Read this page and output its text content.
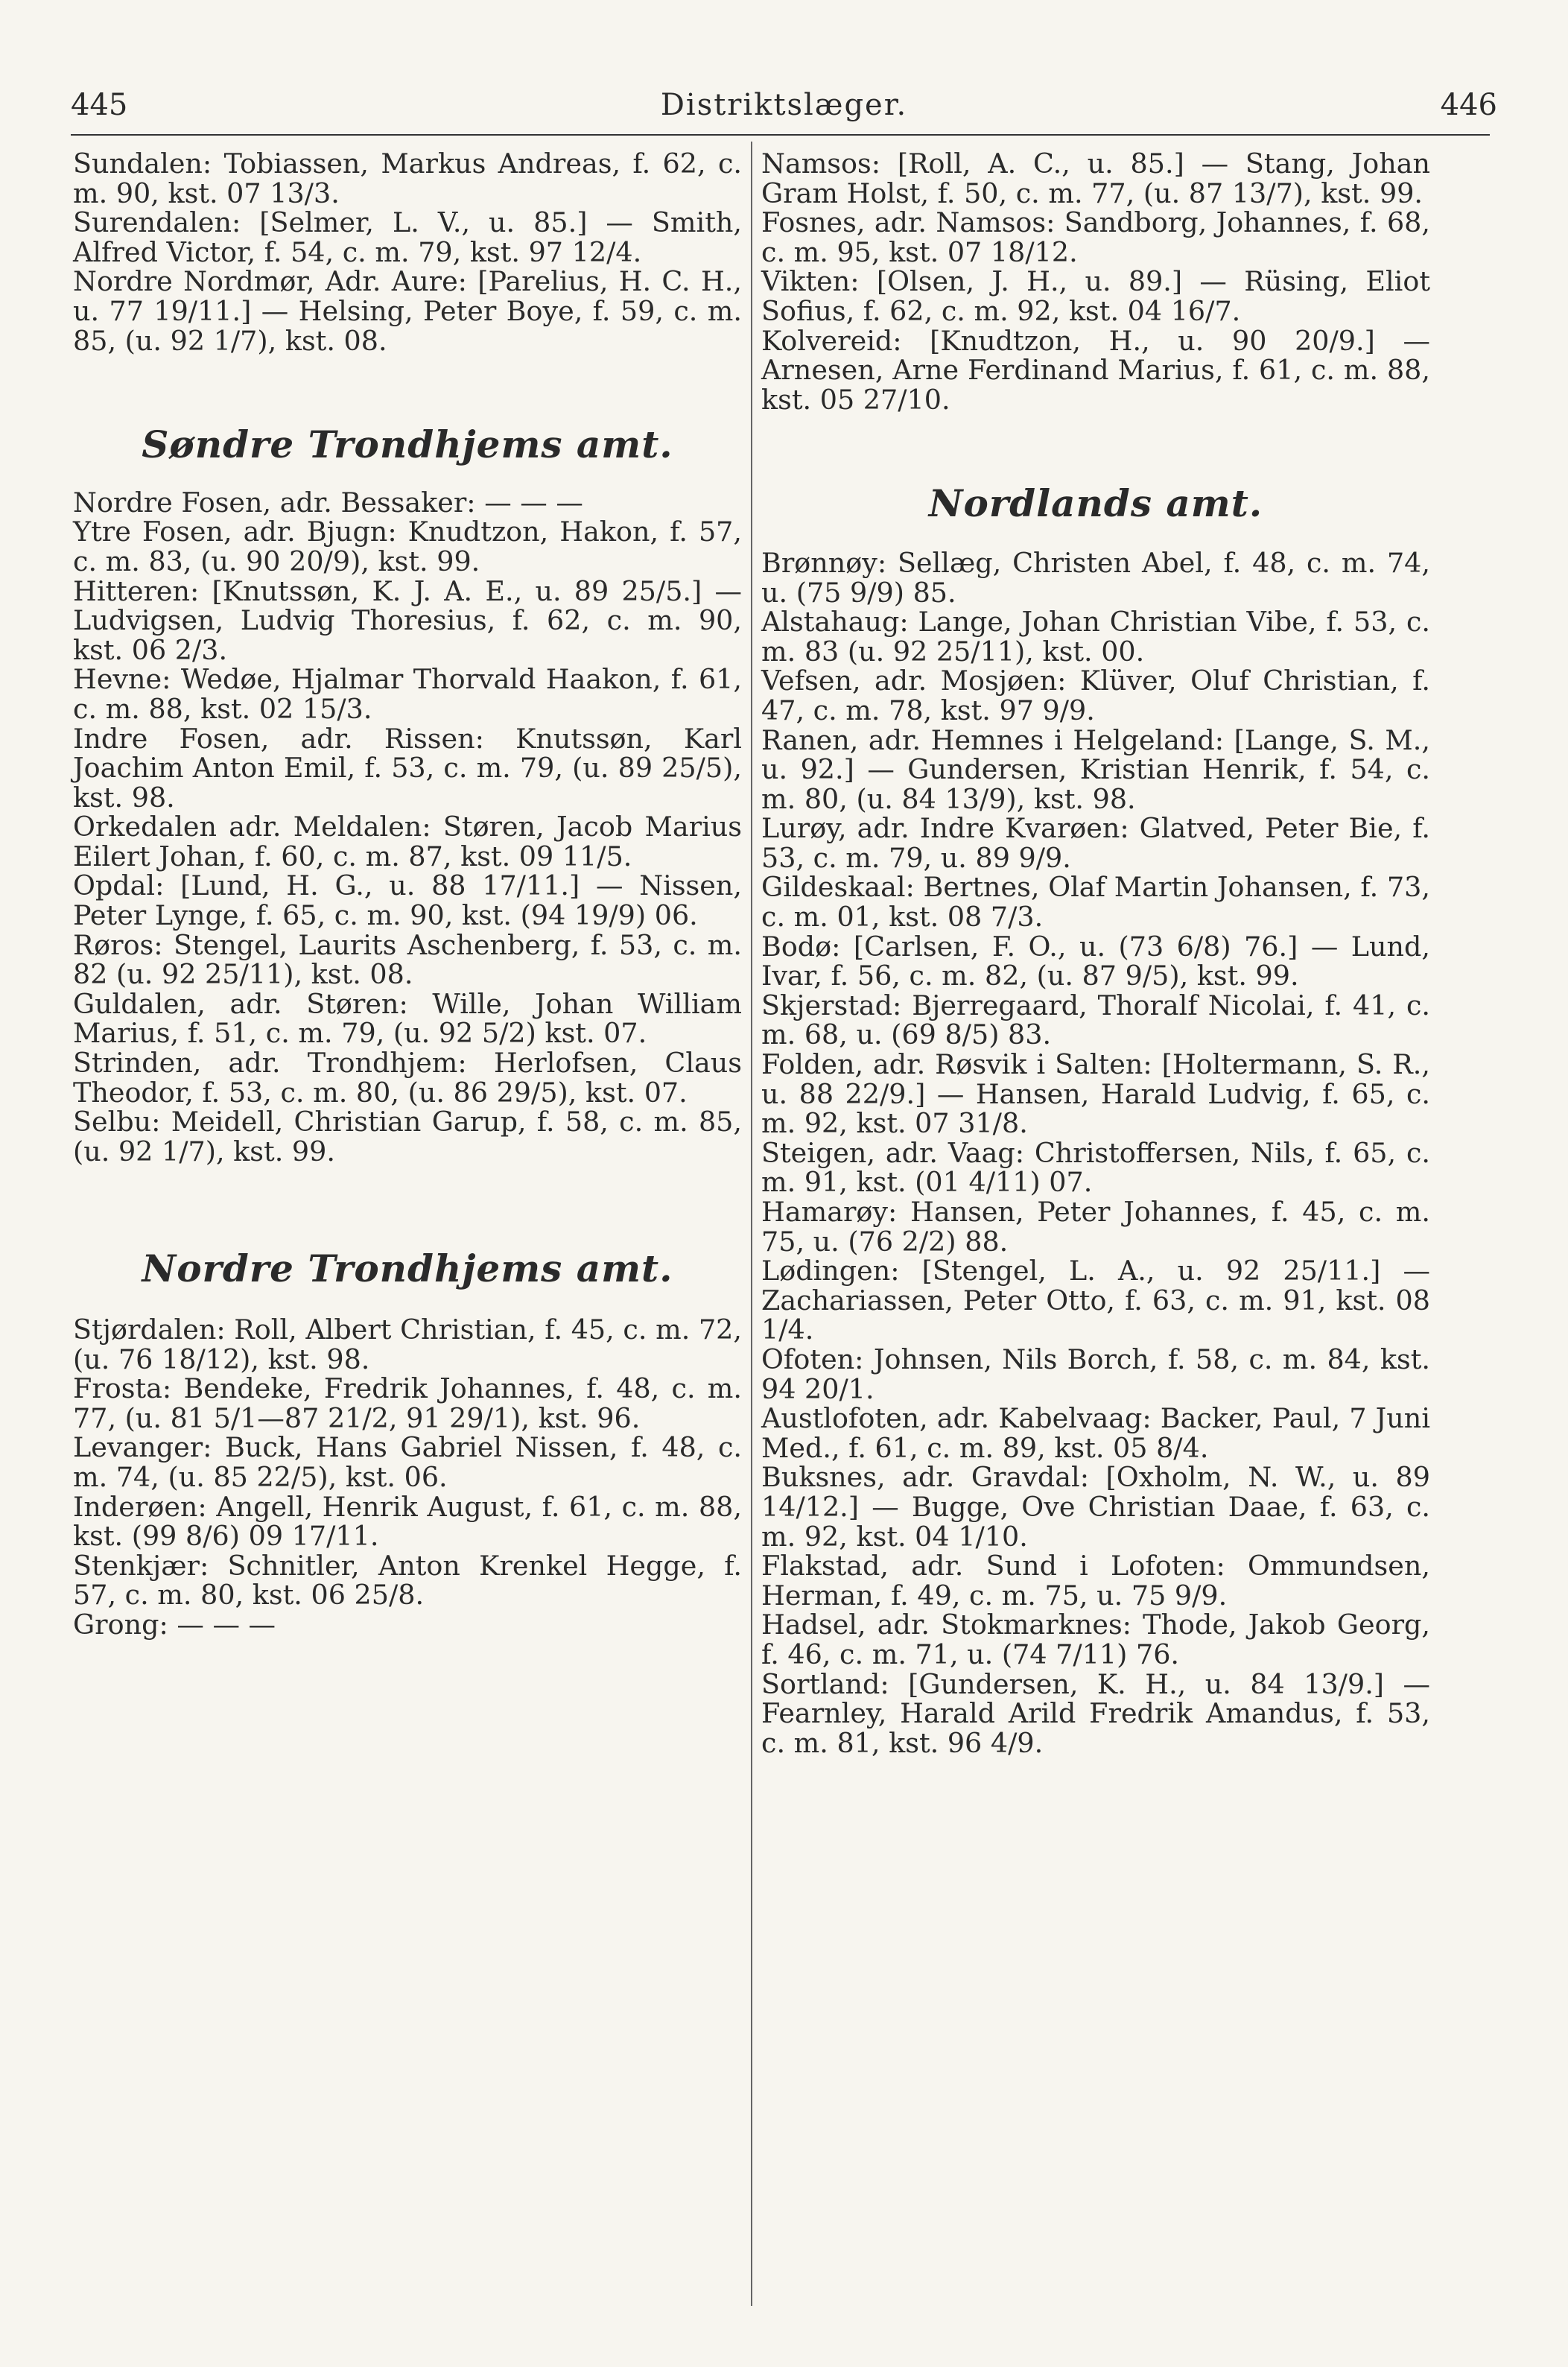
445	Distriktslæger.	446

Sundalen: Tobiassen, Markus Andreas, f. 62, c. m. 90, kst. 07 13/3.

Surendalen: [Selmer, L. V., u. 85.] — Smith, Alfred Victor, f. 54, c. m. 79, kst. 97 12/4.

Nordre Nordmør, Adr. Aure: [Parelius, H. C. H., u. 77 19/11.] — Helsing, Peter Boye, f. 59, c. m. 85, (u. 92 1/7), kst. 08.

Søndre Trondhjems amt.

Nordre Fosen, adr. Bessaker: — — —

Ytre Fosen, adr. Bjugn: Knudtzon, Hakon, f. 57, c. m. 83, (u. 90 20/9), kst. 99.

Hitteren: [Knutssøn, K. J. A. E., u. 89 25/5.] — Ludvigsen, Ludvig Thoresius, f. 62, c. m. 90, kst. 06 2/3.

Hevne: Wedøe, Hjalmar Thorvald Haakon, f. 61, c. m. 88, kst. 02 15/3.

Indre Fosen, adr. Rissen: Knutssøn, Karl Joachim Anton Emil, f. 53, c. m. 79, (u. 89 25/5), kst. 98.

Orkedalen adr. Meldalen: Støren, Jacob Marius Eilert Johan, f. 60, c. m. 87, kst. 09 11/5.

Opdal: [Lund, H. G., u. 88 17/11.] — Nissen, Peter Lynge, f. 65, c. m. 90, kst. (94 19/9) 06.

Røros: Stengel, Laurits Aschenberg, f. 53, c. m. 82 (u. 92 25/11), kst. 08.

Guldalen, adr. Støren: Wille, Johan William Marius, f. 51, c. m. 79, (u. 92 5/2) kst. 07.

Strinden, adr. Trondhjem: Herlofsen, Claus Theodor, f. 53, c. m. 80, (u. 86 29/5), kst. 07.

Selbu: Meidell, Christian Garup, f. 58, c. m. 85, (u. 92 1/7), kst. 99.

Nordre Trondhjems amt.

Stjørdalen: Roll, Albert Christian, f. 45, c. m. 72, (u. 76 18/12), kst. 98.

Frosta: Bendeke, Fredrik Johannes, f. 48, c. m. 77, (u. 81 5/1—87 21/2, 91 29/1), kst. 96.

Levanger: Buck, Hans Gabriel Nissen, f. 48, c. m. 74, (u. 85 22/5), kst. 06.

Inderøen: Angell, Henrik August, f. 61, c. m. 88, kst. (99 8/6) 09 17/11.

Stenkjær: Schnitler, Anton Krenkel Hegge, f. 57, c. m. 80, kst. 06 25/8.

Grong: — — —

Namsos: [Roll, A. C., u. 85.] — Stang, Johan Gram Holst, f. 50, c. m. 77, (u. 87 13/7), kst. 99.

Fosnes, adr. Namsos: Sandborg, Johannes, f. 68, c. m. 95, kst. 07 18/12.

Vikten: [Olsen, J. H., u. 89.] — Rüsing, Eliot Sofius, f. 62, c. m. 92, kst. 04 16/7.

Kolvereid: [Knudtzon, H., u. 90 20/9.] — Arnesen, Arne Ferdinand Marius, f. 61, c. m. 88, kst. 05 27/10.

Nordlands amt.

Brønnøy: Sellæg, Christen Abel, f. 48, c. m. 74, u. (75 9/9) 85.

Alstahaug: Lange, Johan Christian Vibe, f. 53, c. m. 83 (u. 92 25/11), kst. 00.

Vefsen, adr. Mosjøen: Klüver, Oluf Christian, f. 47, c. m. 78, kst. 97 9/9.

Ranen, adr. Hemnes i Helgeland: [Lange, S. M., u. 92.] — Gundersen, Kristian Henrik, f. 54, c. m. 80, (u. 84 13/9), kst. 98.

Lurøy, adr. Indre Kvarøen: Glatved, Peter Bie, f. 53, c. m. 79, u. 89 9/9.

Gildeskaal: Bertnes, Olaf Martin Johansen, f. 73, c. m. 01, kst. 08 7/3.

Bodø: [Carlsen, F. O., u. (73 6/8) 76.] — Lund, Ivar, f. 56, c. m. 82, (u. 87 9/5), kst. 99.

Skjerstad: Bjerregaard, Thoralf Nicolai, f. 41, c. m. 68, u. (69 8/5) 83.

Folden, adr. Røsvik i Salten: [Holtermann, S. R., u. 88 22/9.] — Hansen, Harald Ludvig, f. 65, c. m. 92, kst. 07 31/8.

Steigen, adr. Vaag: Christoffersen, Nils, f. 65, c. m. 91, kst. (01 4/11) 07.

Hamarøy: Hansen, Peter Johannes, f. 45, c. m. 75, u. (76 2/2) 88.

Lødingen: [Stengel, L. A., u. 92 25/11.] — Zachariassen, Peter Otto, f. 63, c. m. 91, kst. 08 1/4.

Ofoten: Johnsen, Nils Borch, f. 58, c. m. 84, kst. 94 20/1.

Austlofoten, adr. Kabelvaag: Backer, Paul, 7 Juni Med., f. 61, c. m. 89, kst. 05 8/4.

Buksnes, adr. Gravdal: [Oxholm, N. W., u. 89 14/12.] — Bugge, Ove Christian Daae, f. 63, c. m. 92, kst. 04 1/10.

Flakstad, adr. Sund i Lofoten: Ommundsen, Herman, f. 49, c. m. 75, u. 75 9/9.

Hadsel, adr. Stokmarknes: Thode, Jakob Georg, f. 46, c. m. 71, u. (74 7/11) 76.

Sortland: [Gundersen, K. H., u. 84 13/9.] — Fearnley, Harald Arild Fredrik Amandus, f. 53, c. m. 81, kst. 96 4/9.
